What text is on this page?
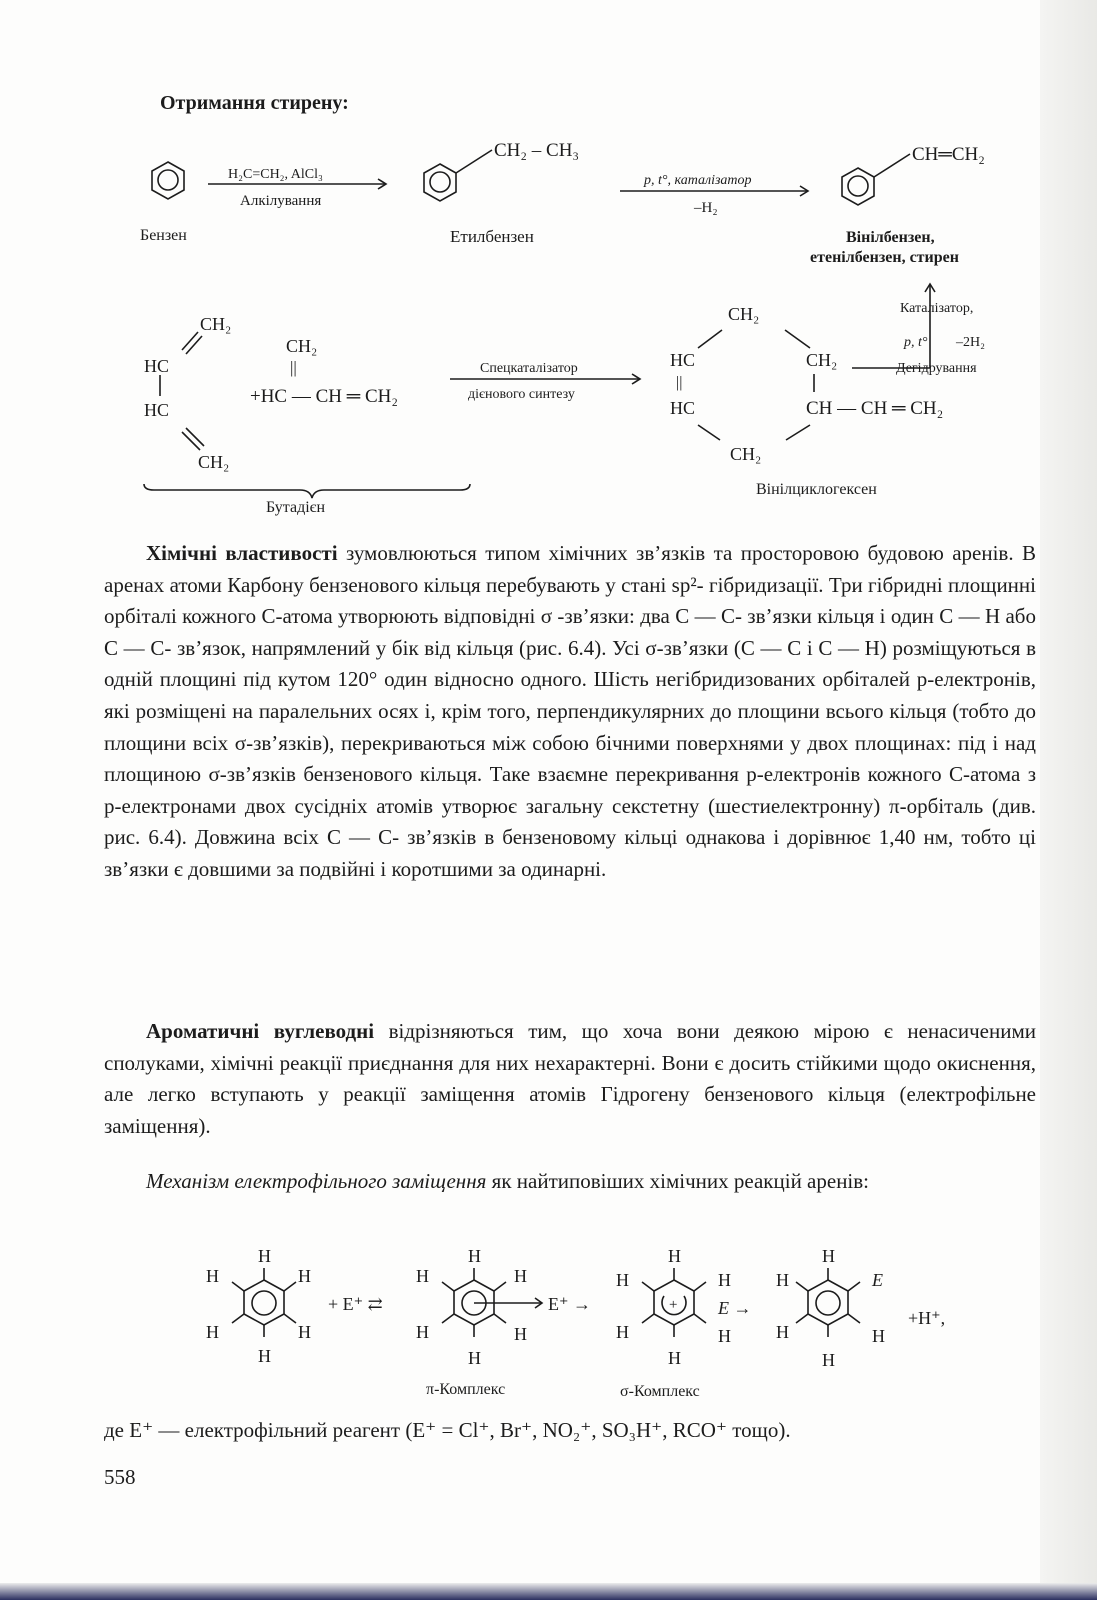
Отримання стирену:
Бензен
H₂C=CH₂, AlCl₃
Алкілування
CH₂ – CH₃
Етилбензен
p, t°, каталізатор
–H₂
CH═CH₂
Вінілбензен,
етенілбензен, стирен
CH₂
HC
HC
CH₂
CH₂
||
+HC — CH ═ CH₂
Бутадієн
Спецкаталізатор
дієнового синтезу
CH₂
HC
||
HC
CH₂
CH — CH ═ CH₂
CH₂
Вінілциклогексен
Каталізатор,
p, t° –2H₂
Дегідрування

Хімічні властивості зумовлюються типом хімічних зв’язків та просторовою будовою аренів. В аренах атоми Карбону бензенового кільця перебувають у стані sp²- гібридизації. Три гібридні площинні орбіталі кожного С-атома утворюють відповідні σ -зв’язки: два C — C- зв’язки кільця і один C — H або C — C- зв’язок, напрямлений у бік від кільця (рис. 6.4). Усі σ-зв’язки (C — C і C — H) розміщуються в одній площині під кутом 120° один відносно одного. Шість негібридизованих орбіталей p-електронів, які розміщені на паралельних осях і, крім того, перпендикулярних до площини всього кільця (тобто до площини всіх σ-зв’язків), перекриваються між собою бічними поверхнями у двох площинах: під і над площиною σ-зв’язків бензенового кільця. Таке взаємне перекривання p-електронів кожного С-атома з p-електронами двох сусідніх атомів утворює загальну секстетну (шестиелектронну) π-орбіталь (див. рис. 6.4). Довжина всіх C — C- зв’язків в бензеновому кільці однакова і дорівнює 1,40 нм, тобто ці зв’язки є довшими за подвійні і коротшими за одинарні.

Ароматичні вуглеводні відрізняються тим, що хоча вони деякою мірою є ненасиченими сполуками, хімічні реакції приєднання для них нехарактерні. Вони є досить стійкими щодо окиснення, але легко вступають у реакції заміщення атомів Гідрогену бензенового кільця (електрофільне заміщення).

Механізм електрофільного заміщення як найтиповіших хімічних реакцій аренів:

H
H
H
H
H
H
+ E⁺ ⇄
H
H
H
H
H
H
E⁺ →
H
H
H
H
H
H
+ E →
H
E
H
H
H
H
+H⁺,
π-Комплекс	σ-Комплекс
де E⁺ — електрофільний реагент (E⁺ = Cl⁺, Br⁺, NO₂⁺, SO₃H⁺, RCO⁺ тощо).
558
